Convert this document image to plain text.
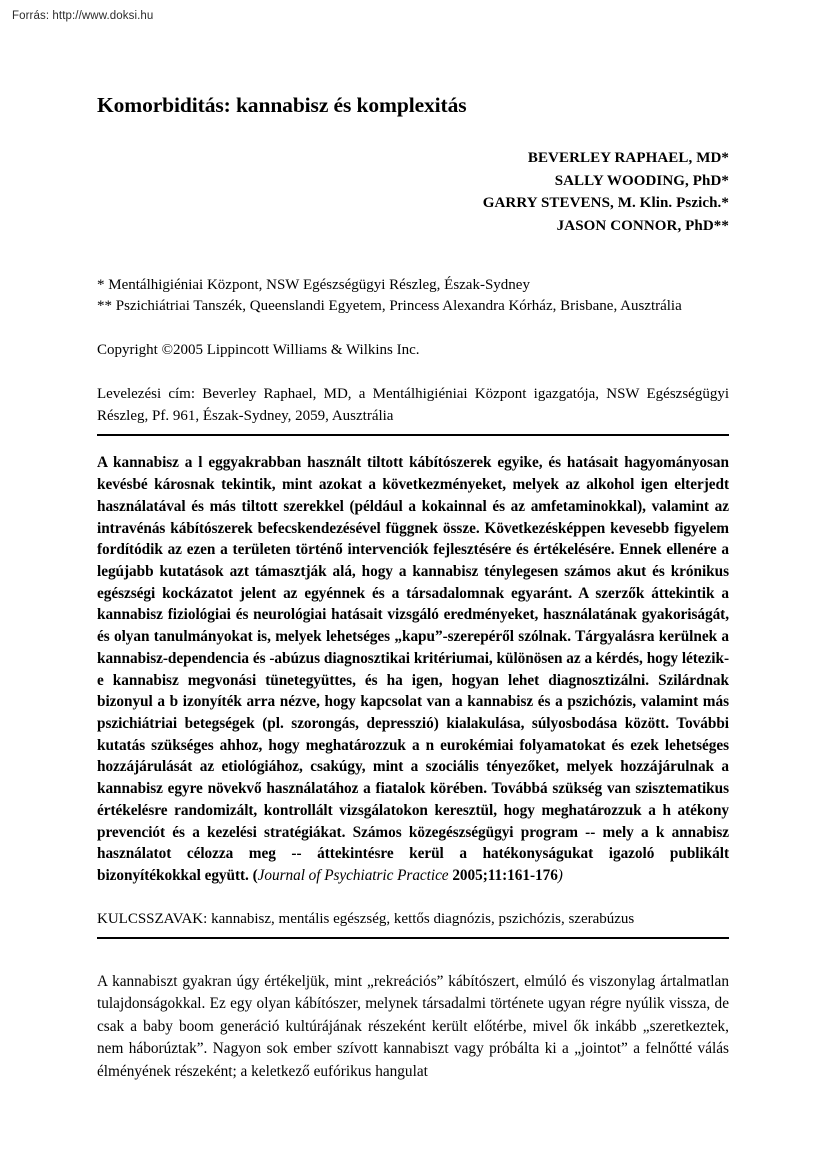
Forrás: http://www.doksi.hu
Komorbiditás: kannabisz és komplexitás
BEVERLEY RAPHAEL, MD*
SALLY WOODING, PhD*
GARRY STEVENS, M. Klin. Pszich.*
JASON CONNOR, PhD**
* Mentálhigiéniai Központ, NSW Egészségügyi Részleg, Észak-Sydney
** Pszichiátriai Tanszék, Queenslandi Egyetem, Princess Alexandra Kórház, Brisbane, Ausztrália
Copyright ©2005 Lippincott Williams & Wilkins Inc.
Levelezési cím: Beverley Raphael, MD, a Mentálhigiéniai Központ igazgatója, NSW Egészségügyi Részleg, Pf. 961, Észak-Sydney, 2059, Ausztrália
A kannabisz a l eggyakrabban használt tiltott kábítószerek egyike, és hatásait hagyományosan kevésbé károsnak tekintik, mint azokat a következményeket, melyek az alkohol igen elterjedt használatával és más tiltott szerekkel (például a kokainnal és az amfetaminokkal), valamint az intravénás kábítószerek befecskendezésével függnek össze. Következésképpen kevesebb figyelem fordítódik az ezen a területen történő intervenciók fejlesztésére és értékelésére. Ennek ellenére a legújabb kutatások azt támasztják alá, hogy a kannabisz ténylegesen számos akut és krónikus egészségi kockázatot jelent az egyénnek és a társadalomnak egyaránt. A szerzők áttekintik a kannabisz fiziológiai és neurológiai hatásait vizsgáló eredményeket, használatának gyakoriságát, és olyan tanulmányokat is, melyek lehetséges „kapu”-szerepéről szólnak. Tárgyalásra kerülnek a kannabisz-dependencia és -abúzus diagnosztikai kritériumai, különösen az a kérdés, hogy létezik-e kannabisz megvonási tünetegyüttes, és ha igen, hogyan lehet diagnosztizálni. Szilárdnak bizonyul a b izonyíték arra nézve, hogy kapcsolat van a kannabisz és a pszichózis, valamint más pszichiátriai betegségek (pl. szorongás, depresszió) kialakulása, súlyosbodása között. További kutatás szükséges ahhoz, hogy meghatározzuk a n eurokémiai folyamatokat és ezek lehetséges hozzájárulását az etiológiához, csakúgy, mint a szociális tényezőket, melyek hozzájárulnak a kannabisz egyre növekvő használatához a fiatalok körében. Továbbá szükség van szisztematikus értékelésre randomizált, kontrollált vizsgálatokon keresztül, hogy meghatározzuk a h atékony prevenciót és a kezelési stratégiákat. Számos közegészségügyi program -- mely a k annabisz használatot célozza meg -- áttekintésre kerül a hatékonyságukat igazoló publikált bizonyítékokkal együtt. (Journal of Psychiatric Practice 2005;11:161-176)
KULCSSZAVAK: kannabisz, mentális egészség, kettős diagnózis, pszichózis, szerabúzus
A kannabiszt gyakran úgy értékeljük, mint „rekreációs” kábítószert, elmúló és viszonylag ártalmatlan tulajdonságokkal. Ez egy olyan kábítószer, melynek társadalmi története ugyan régre nyúlik vissza, de csak a baby boom generáció kultúrájának részeként került előtérbe, mivel ők inkább „szeretkeztek, nem háborúztak”. Nagyon sok ember szívott kannabiszt vagy próbálta ki a „jointot” a felnőtté válás élményének részeként; a keletkező eufórikus hangulat
